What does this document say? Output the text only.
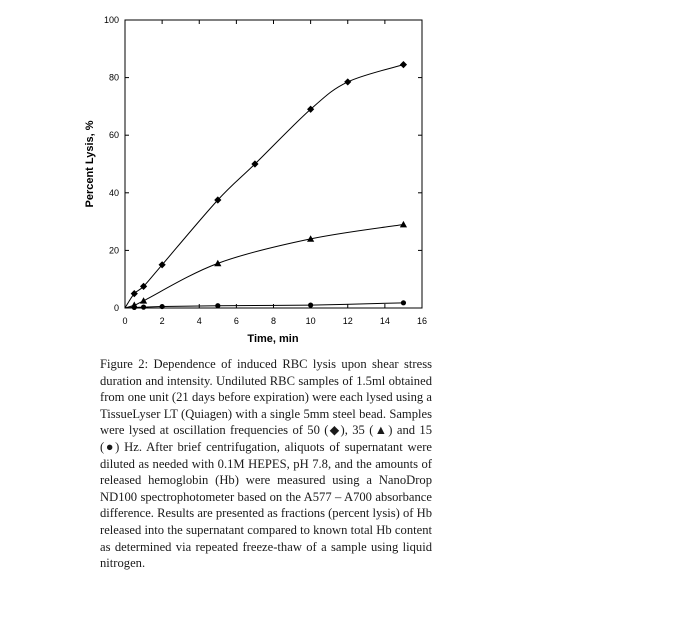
0	2	4	6	8	10	12	14	16
0
20
40
60
80
100
Percent Lysis, %
Time, min

Figure 2: Dependence of induced RBC lysis upon shear stress duration and intensity. Undiluted RBC samples of 1.5ml obtained from one unit (21 days before expiration) were each lysed using a TissueLyser LT (Quiagen) with a single 5mm steel bead. Samples were lysed at oscillation frequencies of 50 (◆), 35 (▲) and 15 (●) Hz. After brief centrifugation, aliquots of supernatant were diluted as needed with 0.1M HEPES, pH 7.8, and the amounts of released hemoglobin (Hb) were measured using a NanoDrop ND100 spectrophotometer based on the A577 – A700 absorbance difference. Results are presented as fractions (percent lysis) of Hb released into the supernatant compared to known total Hb content as determined via repeated freeze-thaw of a sample using liquid nitrogen.
